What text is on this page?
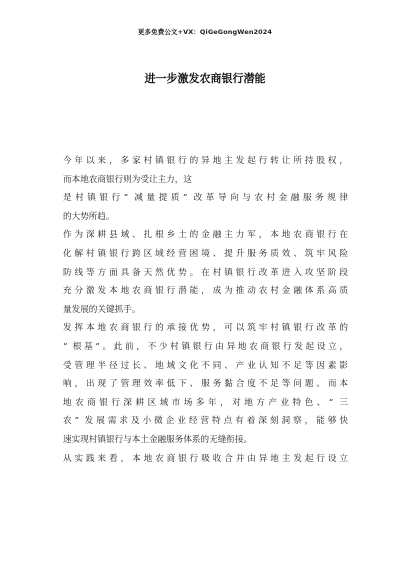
更多免费公文+VX：QiGeGongWen2024
进一步激发农商银行潜能
今年以来，多家村镇银行的异地主发起行转让所持股权，
而本地农商银行则为受让主力，这
是村镇银行“ 减量提质” 改革导向与农村金融服务规律
的大势所趋。
作为深耕县域、扎根乡土的金融主力军，本地农商银行在
化解村镇银行跨区域经营困境、提升服务质效、筑牢风险
防线等方面具备天然优势。在村镇银行改革进入攻坚阶段
充分激发本地农商银行潜能，成为推动农村金融体系高质
量发展的关键抓手。
发挥本地农商银行的承接优势，可以筑牢村镇银行改革的
“ 根基”。此前，不少村镇银行由异地农商银行发起设立，
受管理半径过长、地域文化不同、产业认知不足等因素影
响，出现了管理效率低下、服务黏合度不足等问题。而本
地农商银行深耕区域市场多年，对地方产业特色、“ 三
农” 发展需求及小微企业经营特点有着深刻洞察，能够快
速实现村镇银行与本土金融服务体系的无缝衔接。
从实践来看，本地农商银行吸收合并由异地主发起行设立
